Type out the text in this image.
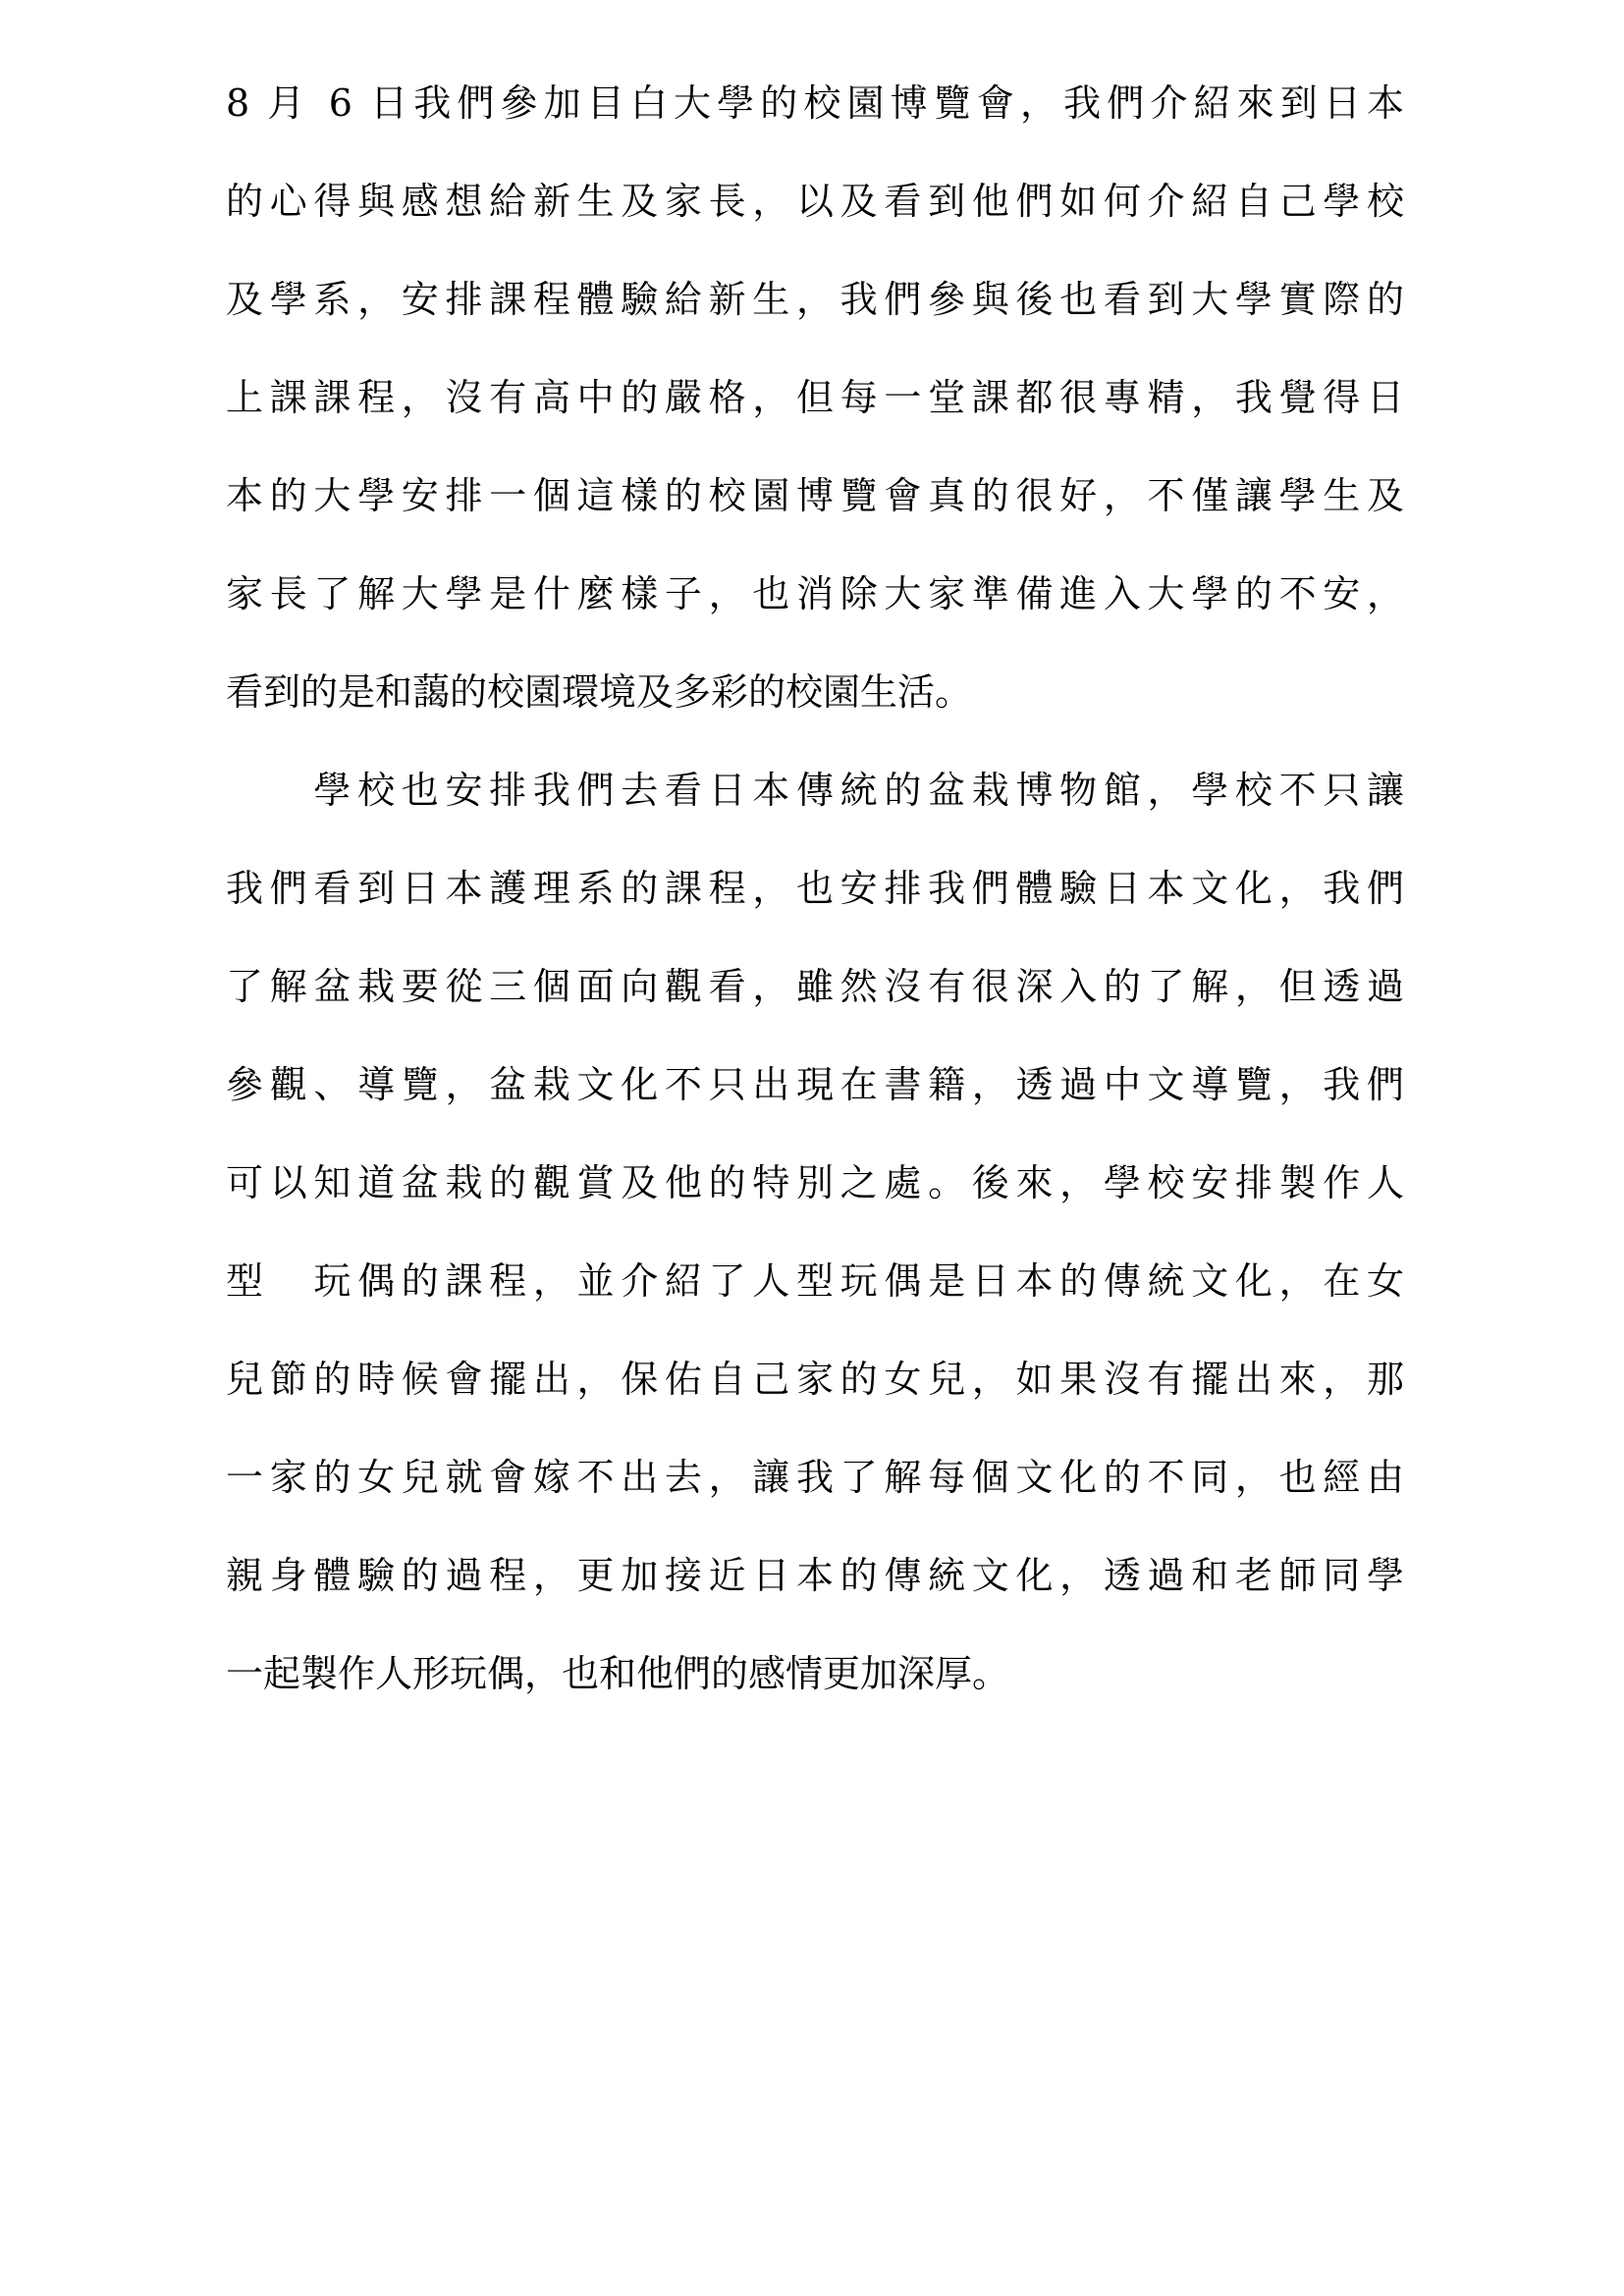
8 月 6 日我們參加目白大學的校園博覽會，我們介紹來到日本
的心得與感想給新生及家長，以及看到他們如何介紹自己學校
及學系，安排課程體驗給新生，我們參與後也看到大學實際的
上課課程，沒有高中的嚴格，但每一堂課都很專精，我覺得日
本的大學安排一個這樣的校園博覽會真的很好，不僅讓學生及
家長了解大學是什麼樣子，也消除大家準備進入大學的不安，
看到的是和藹的校園環境及多彩的校園生活。
　　學校也安排我們去看日本傳統的盆栽博物館，學校不只讓
我們看到日本護理系的課程，也安排我們體驗日本文化，我們
了解盆栽要從三個面向觀看，雖然沒有很深入的了解，但透過
參觀、導覽，盆栽文化不只出現在書籍，透過中文導覽，我們
可以知道盆栽的觀賞及他的特別之處。後來，學校安排製作人
型　玩偶的課程，並介紹了人型玩偶是日本的傳統文化，在女
兒節的時候會擺出，保佑自己家的女兒，如果沒有擺出來，那
一家的女兒就會嫁不出去，讓我了解每個文化的不同，也經由
親身體驗的過程，更加接近日本的傳統文化，透過和老師同學
一起製作人形玩偶，也和他們的感情更加深厚。
